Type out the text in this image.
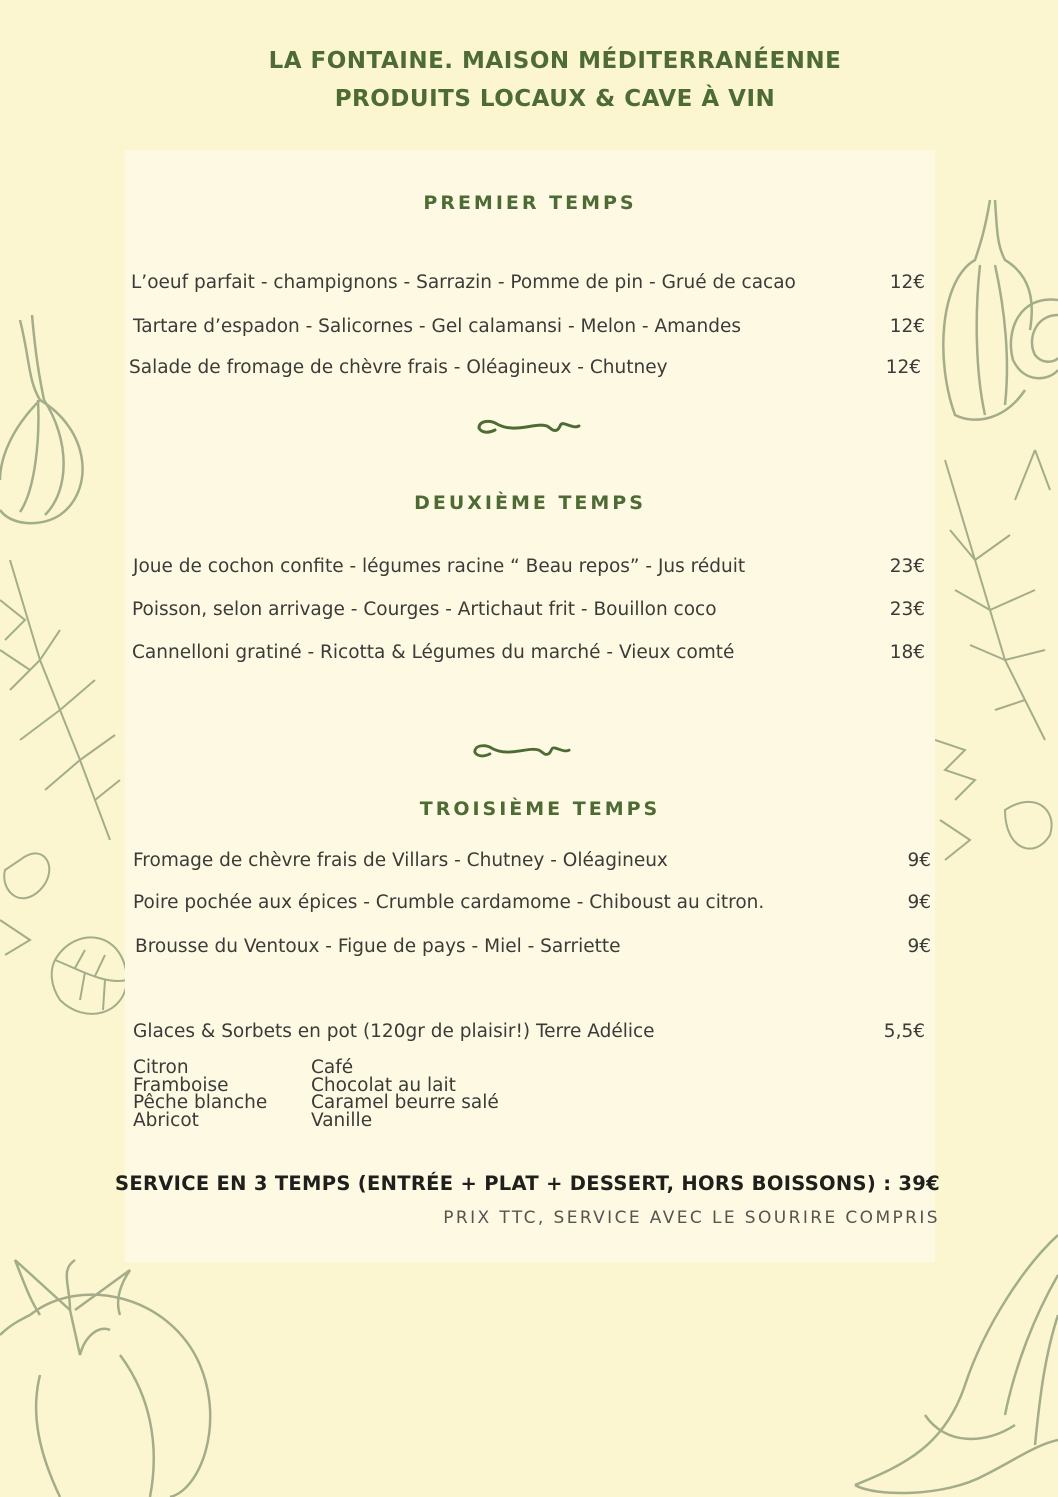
LA FONTAINE. MAISON MÉDITERRANÉENNE
PRODUITS LOCAUX & CAVE À VIN
PREMIER TEMPS
L’oeuf parfait - champignons - Sarrazin - Pomme de pin - Grué de cacao	12€
Tartare d’espadon - Salicornes - Gel calamansi - Melon - Amandes	12€
Salade de fromage de chèvre frais - Oléagineux - Chutney	12€
DEUXIÈME TEMPS
Joue de cochon confite - légumes racine “ Beau repos” - Jus réduit	23€
Poisson, selon arrivage - Courges - Artichaut frit - Bouillon coco	23€
Cannelloni gratiné - Ricotta & Légumes du marché - Vieux comté	18€
TROISIÈME TEMPS
Fromage de chèvre frais de Villars - Chutney - Oléagineux	9€
Poire pochée aux épices - Crumble cardamome - Chiboust au citron.	9€
Brousse du Ventoux - Figue de pays - Miel - Sarriette	9€
Glaces & Sorbets en pot (120gr de plaisir!) Terre Adélice	5,5€
Citron
Framboise
Pêche blanche
Abricot
Café
Chocolat au lait
Caramel beurre salé
Vanille
SERVICE EN 3 TEMPS (ENTRÉE + PLAT + DESSERT, HORS BOISSONS) : 39€
PRIX TTC, SERVICE AVEC LE SOURIRE COMPRIS
